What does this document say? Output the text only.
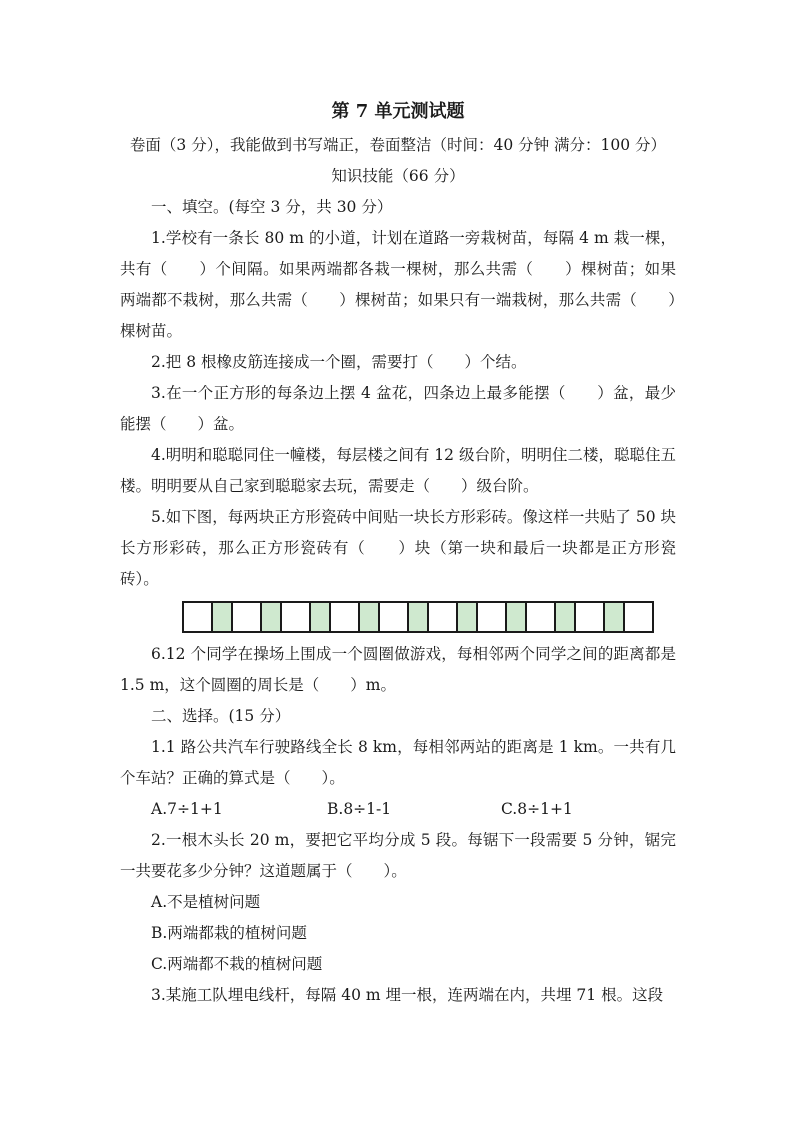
第 7 单元测试题
卷面（3 分），我能做到书写端正，卷面整洁（时间：40 分钟 满分：100 分）
知识技能（66 分）
一、填空。(每空 3 分，共 30 分）
1.学校有一条长 80 m 的小道，计划在道路一旁栽树苗，每隔 4 m 栽一棵，共有（　　）个间隔。如果两端都各栽一棵树，那么共需（　　）棵树苗；如果两端都不栽树，那么共需（　　）棵树苗；如果只有一端栽树，那么共需（　　）棵树苗。
2.把 8 根橡皮筋连接成一个圈，需要打（　　）个结。
3.在一个正方形的每条边上摆 4 盆花，四条边上最多能摆（　　）盆，最少能摆（　　）盆。
4.明明和聪聪同住一幢楼，每层楼之间有 12 级台阶，明明住二楼，聪聪住五楼。明明要从自己家到聪聪家去玩，需要走（　　）级台阶。
5.如下图，每两块正方形瓷砖中间贴一块长方形彩砖。像这样一共贴了 50 块长方形彩砖，那么正方形瓷砖有（　　）块（第一块和最后一块都是正方形瓷砖）。
6.12 个同学在操场上围成一个圆圈做游戏，每相邻两个同学之间的距离都是 1.5 m，这个圆圈的周长是（　　）m。
二、选择。(15 分）
1.1 路公共汽车行驶路线全长 8 km，每相邻两站的距离是 1 km。一共有几个车站？正确的算式是（　　）。
A.7÷1+1	B.8÷1-1	C.8÷1+1
2.一根木头长 20 m，要把它平均分成 5 段。每锯下一段需要 5 分钟，锯完一共要花多少分钟？这道题属于（　　）。
A.不是植树问题
B.两端都栽的植树问题
C.两端都不栽的植树问题
3.某施工队埋电线杆，每隔 40 m 埋一根，连两端在内，共埋 71 根。这段
